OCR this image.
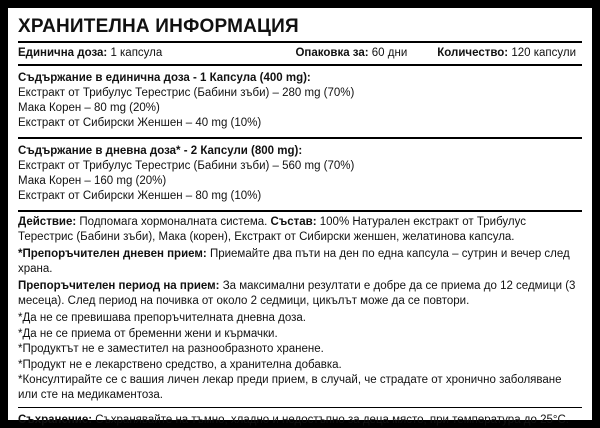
ХРАНИТЕЛНА ИНФОРМАЦИЯ
Единична доза: 1 капсула	Опаковка за: 60 дни	Количество: 120 капсули
Съдържание в единична доза - 1 Капсула (400 mg):
Екстракт от Трибулус Терестрис (Бабини зъби) – 280 mg (70%)
Мака Корен – 80 mg (20%)
Екстракт от Сибирски Женшен – 40 mg (10%)
Съдържание в дневна доза* - 2 Капсули (800 mg):
Екстракт от Трибулус Терестрис (Бабини зъби) – 560 mg (70%)
Мака Корен – 160 mg (20%)
Екстракт от Сибирски Женшен – 80 mg (10%)
Действие: Подпомага хормоналната система. Състав: 100% Натурален екстракт от Трибулус Терестрис (Бабини зъби), Мака (корен), Екстракт от Сибирски женшен, желатинова капсула.
*Препоръчителен дневен прием: Приемайте два пъти на ден по една капсула – сутрин и вечер след храна.
Препоръчителен период на прием: За максимални резултати е добре да се приема до 12 седмици (3 месеца). След период на почивка от около 2 седмици, цикълът може да се повтори.
*Да не се превишава препоръчителната дневна доза.
*Да не се приема от бременни жени и кърмачки.
*Продуктът не е заместител на разнообразното хранене.
*Продукт не е лекарствено средство, а хранителна добавка.
*Консултирайте се с вашия личен лекар преди прием, в случай, че страдате от хронично заболяване или сте на медикаментоза.
Съхранение: Съхранявайте на тъмно, хладно и недостъпно за деца място, при температура до 25°C.
